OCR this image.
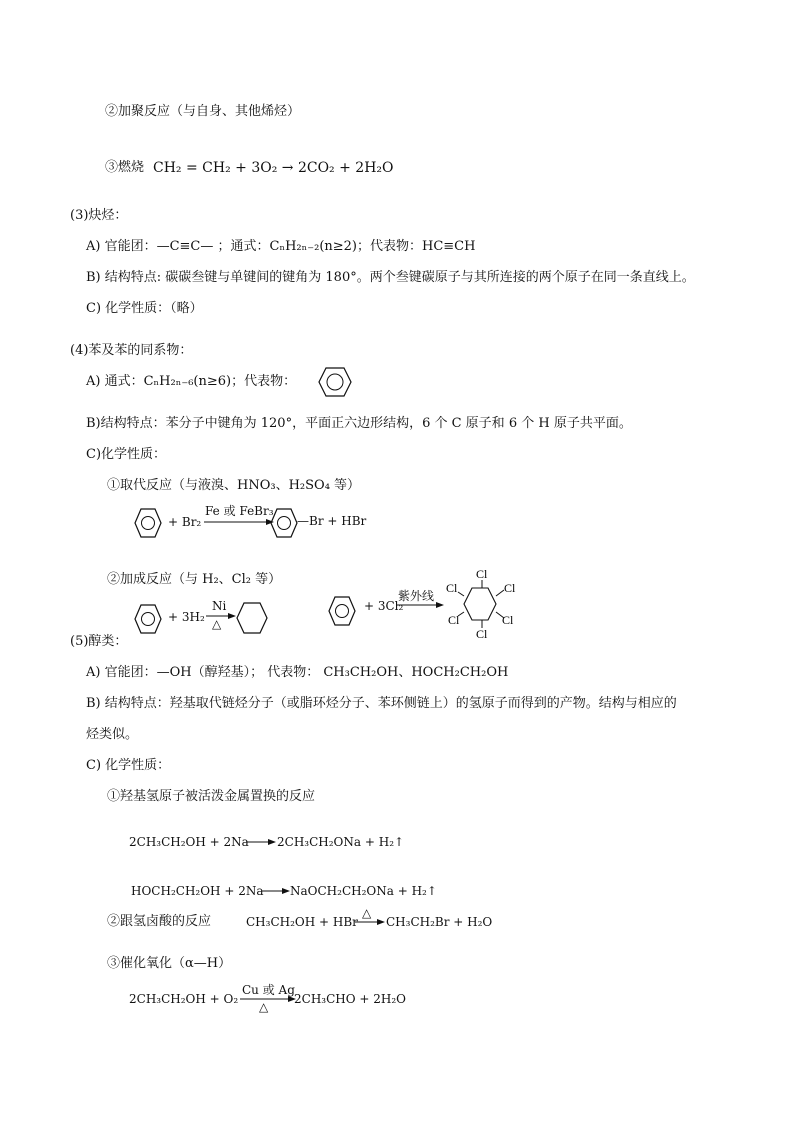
②加聚反应（与自身、其他烯烃）
③燃烧 CH₂ = CH₂ + 3O₂ → 2CO₂ + 2H₂O
(3)炔烃：
A) 官能团：—C≡C— ；通式：CₙH₂ₙ₋₂(n≥2)；代表物：HC≡CH
B) 结构特点: 碳碳叁键与单键间的键角为 180°。两个叁键碳原子与其所连接的两个原子在同一条直线上。
C) 化学性质：（略）
(4)苯及苯的同系物：
A) 通式：CₙH₂ₙ₋₆(n≥6)；代表物：
B)结构特点：苯分子中键角为 120°，平面正六边形结构，6 个 C 原子和 6 个 H 原子共平面。
C)化学性质：
①取代反应（与液溴、HNO₃、H₂SO₄ 等）
+ Br₂
Fe 或 FeBr₃
—Br + HBr
②加成反应（与 H₂、Cl₂ 等）
+ 3H₂
Ni
△
+ 3Cl₂
紫外线
Cl
Cl
Cl
Cl
Cl
Cl
(5)醇类：
A) 官能团：—OH（醇羟基）； 代表物： CH₃CH₂OH、HOCH₂CH₂OH
B) 结构特点：羟基取代链烃分子（或脂环烃分子、苯环侧链上）的氢原子而得到的产物。结构与相应的
烃类似。
C) 化学性质：
①羟基氢原子被活泼金属置换的反应
2CH₃CH₂OH + 2Na → 2CH₃CH₂ONa + H₂↑
HOCH₂CH₂OH + 2Na → NaOCH₂CH₂ONa + H₂↑
②跟氢卤酸的反应	CH₃CH₂OH + HBr
△
→ CH₃CH₂Br + H₂O
③催化氧化（α—H）
2CH₃CH₂OH + O₂
Cu 或 Ag
△
2CH₃CHO + 2H₂O
